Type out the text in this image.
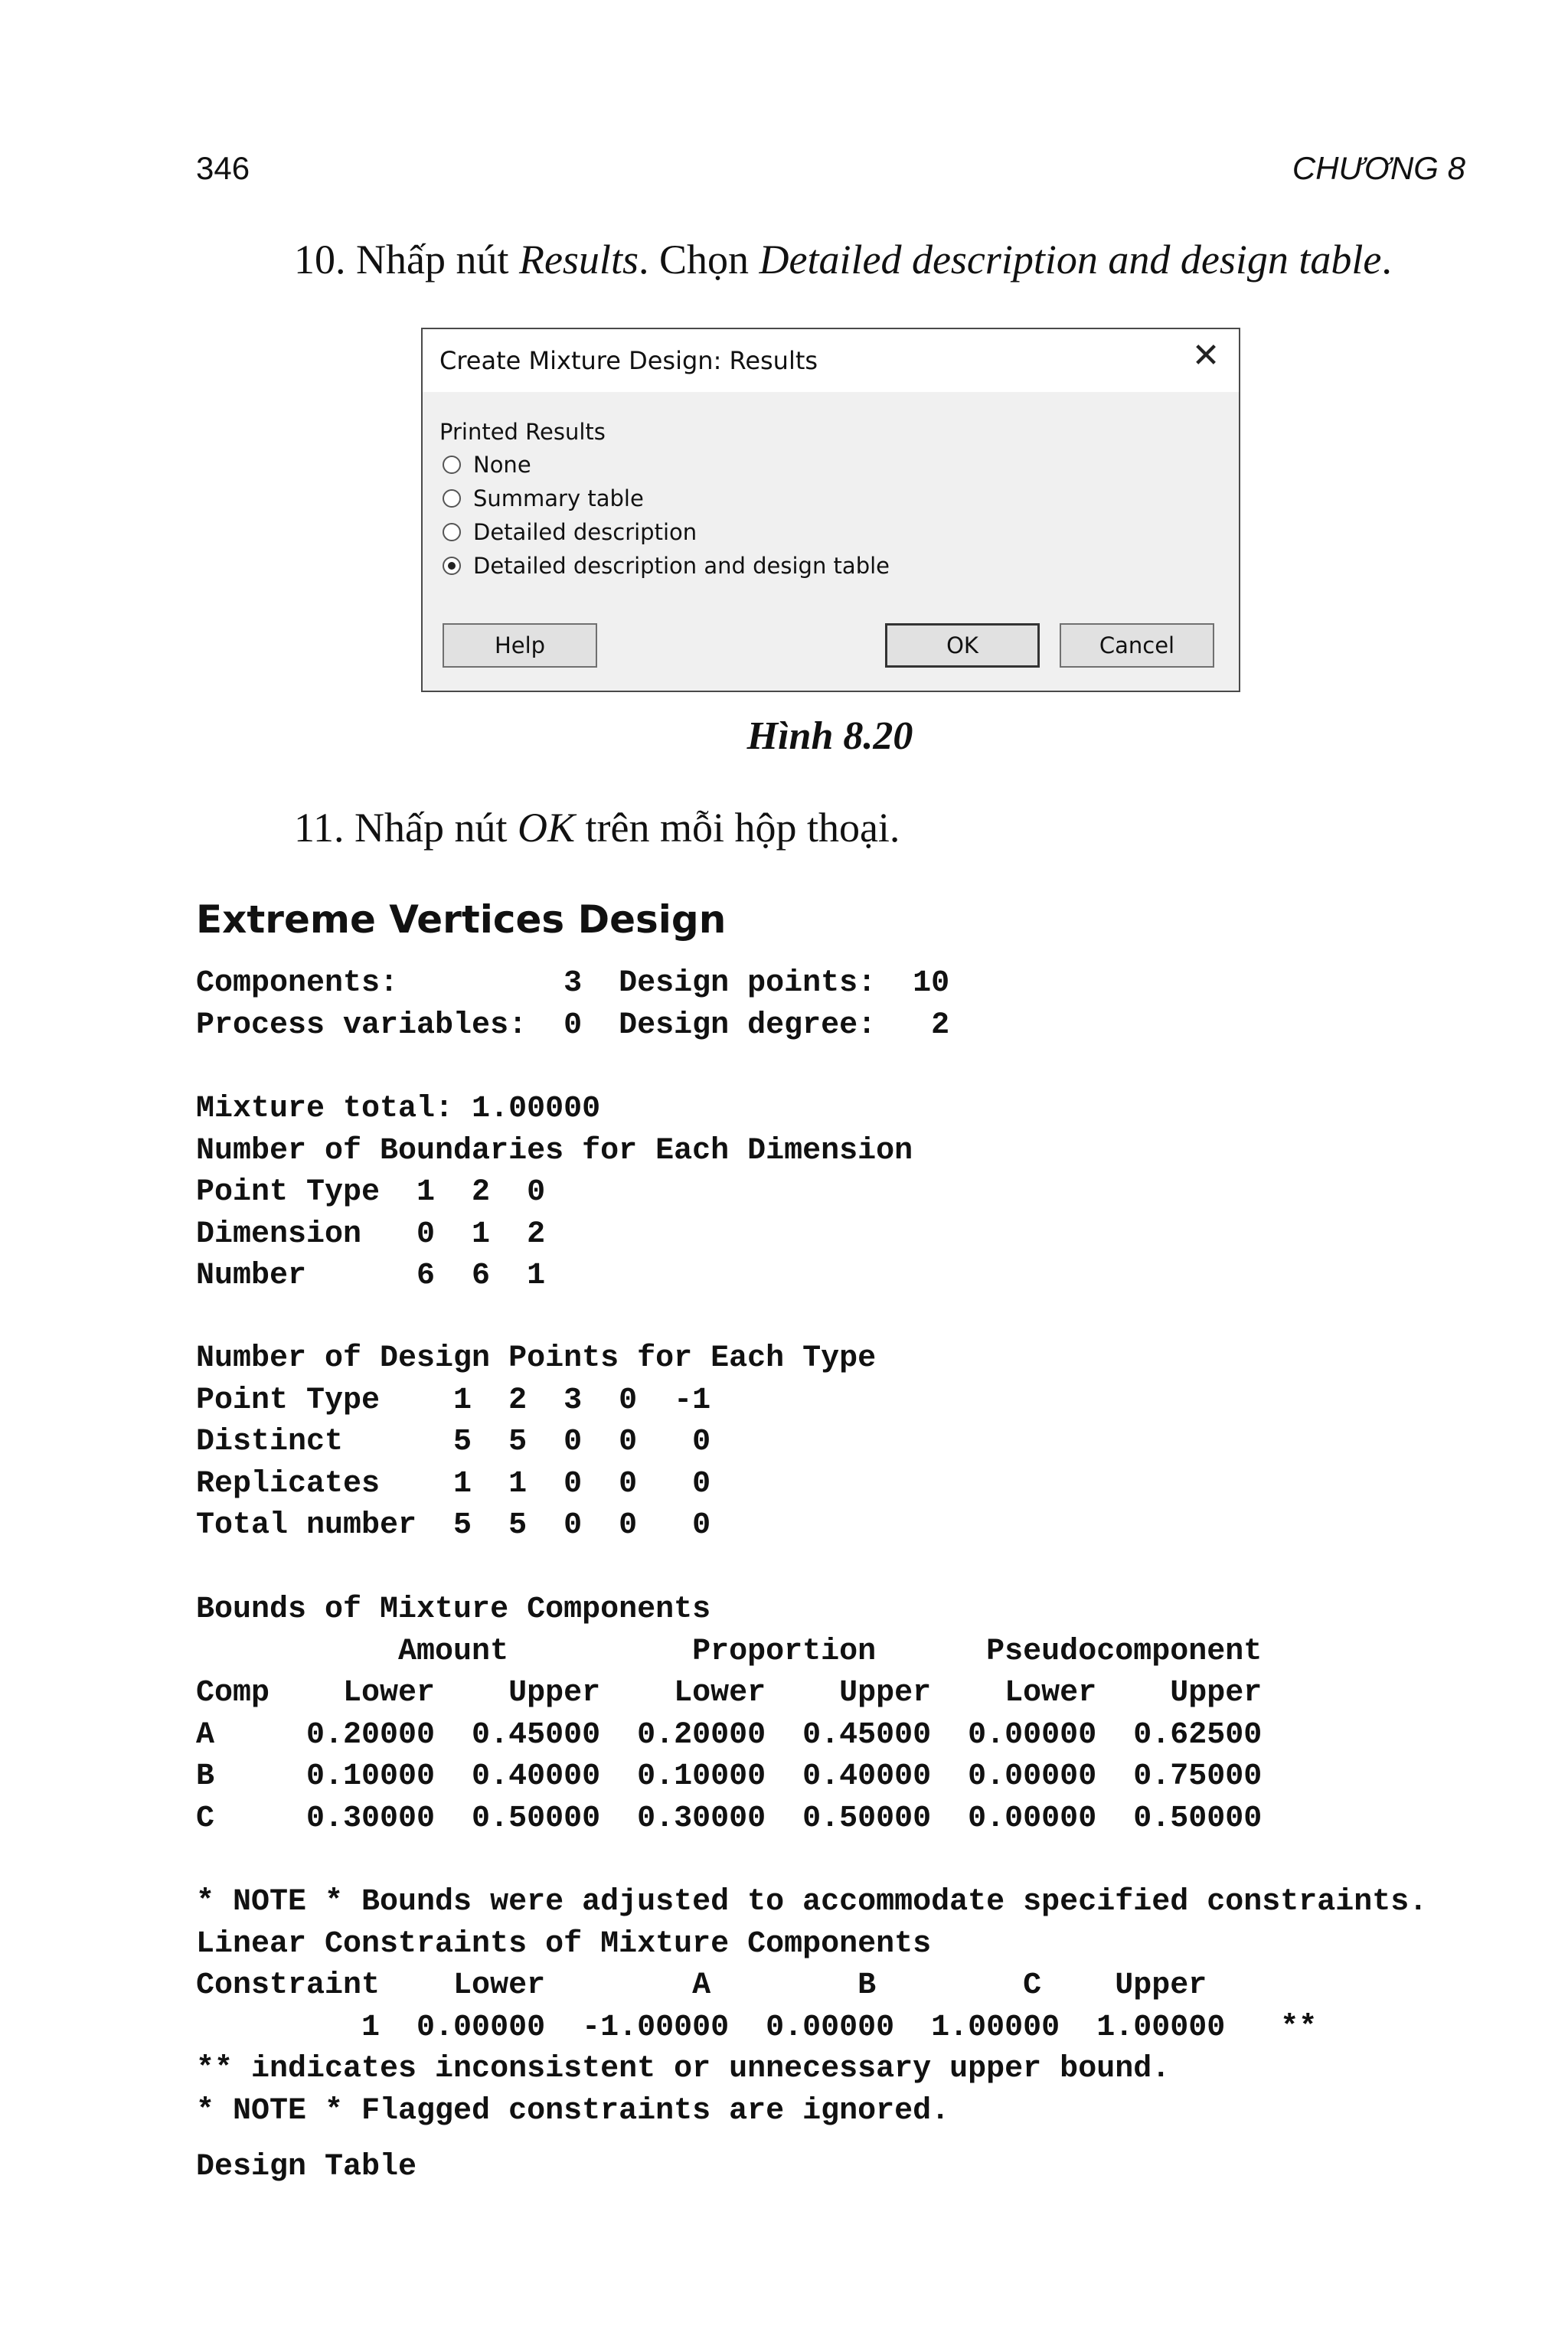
346	CHƯƠNG 8
10. Nhấp nút Results. Chọn Detailed description and design table.
Create Mixture Design: Results	✕
Printed Results
None
Summary table
Detailed description
Detailed description and design table
Help	OK	Cancel
Hình 8.20
11. Nhấp nút OK trên mỗi hộp thoại.
Extreme Vertices Design
Components:         3  Design points:  10
Process variables:  0  Design degree:   2
Mixture total: 1.00000
Number of Boundaries for Each Dimension
Point Type  1  2  0
Dimension   0  1  2
Number      6  6  1
Number of Design Points for Each Type
Point Type    1  2  3  0  -1
Distinct      5  5  0  0   0
Replicates    1  1  0  0   0
Total number  5  5  0  0   0
Bounds of Mixture Components
Amount          Proportion      Pseudocomponent
Comp    Lower    Upper    Lower    Upper    Lower    Upper
A     0.20000  0.45000  0.20000  0.45000  0.00000  0.62500
B     0.10000  0.40000  0.10000  0.40000  0.00000  0.75000
C     0.30000  0.50000  0.30000  0.50000  0.00000  0.50000
* NOTE * Bounds were adjusted to accommodate specified constraints.
Linear Constraints of Mixture Components
Constraint    Lower        A        B        C    Upper
1  0.00000  -1.00000  0.00000  1.00000  1.00000   **
** indicates inconsistent or unnecessary upper bound.
* NOTE * Flagged constraints are ignored.
Design Table
